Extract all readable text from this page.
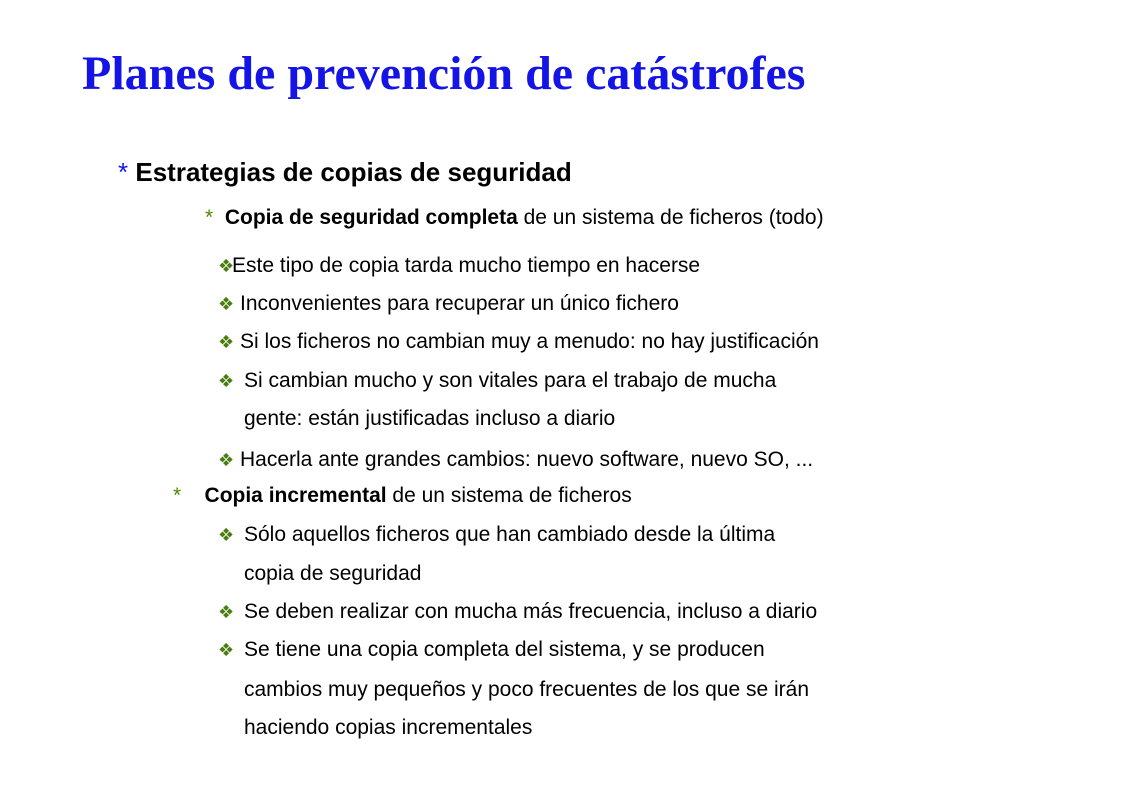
Planes de prevención de catástrofes
* Estrategias de copias de seguridad
* Copia de seguridad completa de un sistema de ficheros (todo)
❖Este tipo de copia tarda mucho tiempo en hacerse
❖ Inconvenientes para recuperar un único fichero
❖ Si los ficheros no cambian muy a menudo: no hay justificación
❖ Si cambian mucho y son vitales para el trabajo de mucha
gente: están justificadas incluso a diario
❖ Hacerla ante grandes cambios: nuevo software, nuevo SO, ...
* Copia incremental de un sistema de ficheros
❖ Sólo aquellos ficheros que han cambiado desde la última
copia de seguridad
❖ Se deben realizar con mucha más frecuencia, incluso a diario
❖ Se tiene una copia completa del sistema, y se producen
cambios muy pequeños y poco frecuentes de los que se irán
haciendo copias incrementales
